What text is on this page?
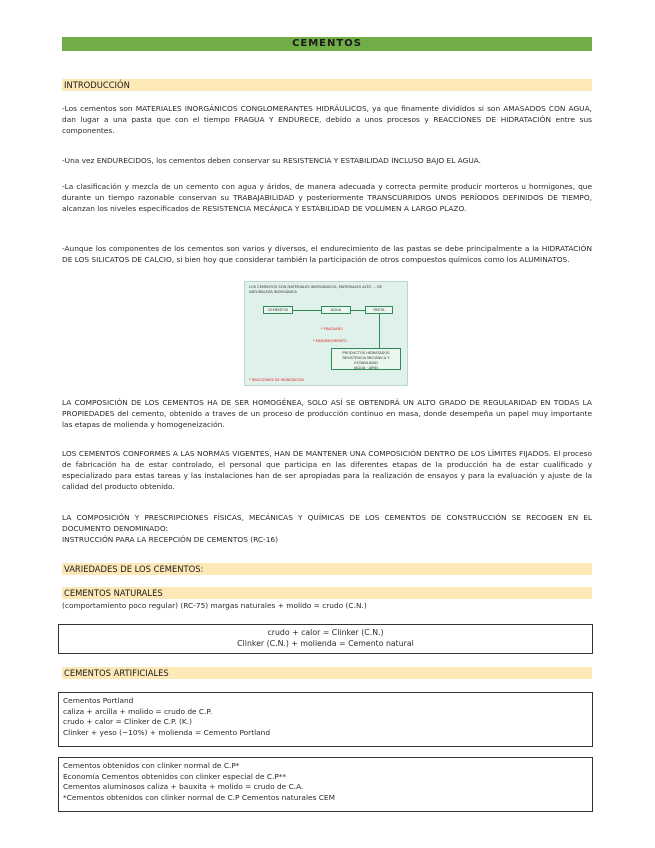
CEMENTOS
INTRODUCCIÓN

-Los cementos son MATERIALES INORGÁNICOS CONGLOMERANTES HIDRÁULICOS, ya que finamente divididos si son AMASADOS CON AGUA, dan lugar a una pasta que con el tiempo FRAGUA Y ENDURECE, debido a unos procesos y REACCIONES DE HIDRATACIÓN entre sus componentes.

-Una vez ENDURECIDOS, los cementos deben conservar su RESISTENCIA Y ESTABILIDAD INCLUSO BAJO EL AGUA.

-La clasificación y mezcla de un cemento con agua y áridos, de manera adecuada y correcta permite producir morteros u hormigones, que durante un tiempo razonable conservan su TRABAJABILIDAD y posteriormente TRANSCURRIDOS UNOS PERÍODOS DEFINIDOS DE TIEMPO, alcanzan los niveles especificados de RESISTENCIA MECÁNICA Y ESTABILIDAD DE VOLUMEN A LARGO PLAZO.

-Aunque los componentes de los cementos son varios y diversos, el endurecimiento de las pastas se debe principalmente a la HIDRATACIÓN DE LOS SILICATOS DE CALCIO, si bien hoy que considerar también la participación de otros compuestos químicos como los ALUMINATOS.

LOS CEMENTOS SON MATERIALES INORGÁNICOS, MATERIALES ALTO ... DE NATURALEZA INORGÁNICA
CEMENTOS	AGUA	PASTA
* FRAGUADO
* ENDURECIMIENTO
PRODUCTOS HIDRATADOS
RESISTENCIA MECÁNICA Y ESTABILIDAD
(AGUA · AIRE)
* REACCIONES DE HIDRATACIÓN

LA COMPOSICIÓN DE LOS CEMENTOS HA DE SER HOMOGÉNEA, SOLO ASÍ SE OBTENDRÁ UN ALTO GRADO DE REGULARIDAD EN TODAS LA PROPIEDADES del cemento, obtenido a traves de un proceso de producción continuo en masa, donde desempeña un papel muy importante las etapas de molienda y homogeneización.

LOS CEMENTOS CONFORMES A LAS NORMAS VIGENTES, HAN DE MANTENER UNA COMPOSICIÓN DENTRO DE LOS LÍMITES FIJADOS. El proceso de fabricación ha de estar controlado, el personal que participa en las diferentes etapas de la producción ha de estar cualificado y especializado para estas tareas y las instalaciones han de ser apropiadas para la realización de ensayos y para la evaluación y ajuste de la calidad del producto obtenido.

LA COMPOSICIÓN Y PRESCRIPCIONES FÍSICAS, MECÁNICAS Y QUÍMICAS DE LOS CEMENTOS DE CONSTRUCCIÓN SE RECOGEN EN EL DOCUMENTO DENOMINADO:

INSTRUCCIÓN PARA LA RECEPCIÓN DE CEMENTOS (RC-16)

VARIEDADES DE LOS CEMENTOS:
CEMENTOS NATURALES

(comportamiento poco regular) (RC-75) margas naturales + molido = crudo (C.N.)

crudo + calor = Clinker (C.N.)
Clinker (C.N.) + molienda = Cemento natural
CEMENTOS ARTIFICIALES
Cementos Portland
caliza + arcilla + molido = crudo de C.P.
crudo + calor = Clinker de C.P. (K.)
Clinker + yeso (~10%) + molienda = Cemento Portland
Cementos obtenidos con clinker normal de C.P*
Economía Cementos obtenidos con clinker especial de C.P**
Cementos aluminosos caliza + bauxita + molido = crudo de C.A.
*Cementos obtenidos con clinker normal de C.P Cementos naturales CEM
